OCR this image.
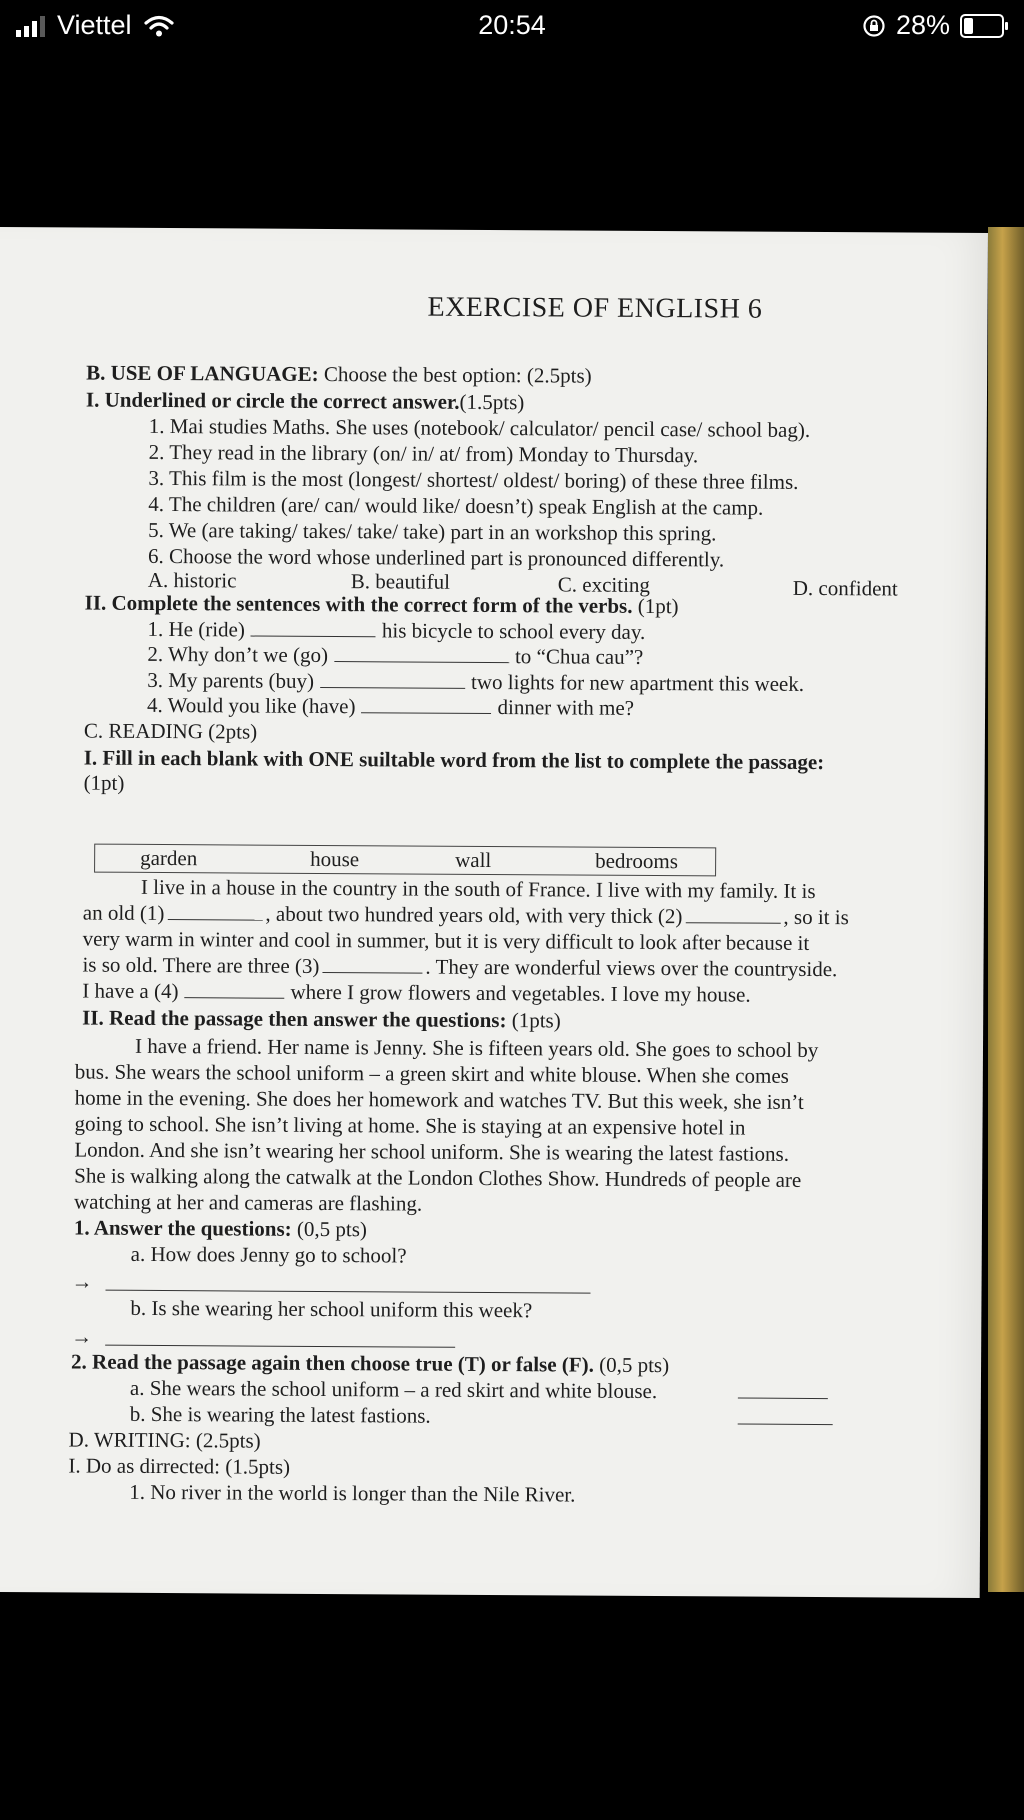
Viettel	20:54	28%
EXERCISE OF ENGLISH 6
B. USE OF LANGUAGE: Choose the best option: (2.5pts)
I. Underlined or circle the correct answer.(1.5pts)
1. Mai studies Maths. She uses (notebook/ calculator/ pencil case/ school bag).
2. They read in the library (on/ in/ at/ from) Monday to Thursday.
3. This film is the most (longest/ shortest/ oldest/ boring) of these three films.
4. The children (are/ can/ would like/ doesn’t) speak English at the camp.
5. We (are taking/ takes/ take/ take) part in an workshop this spring.
6. Choose the word whose underlined part is pronounced differently.
A. historic	B. beautiful	C. exciting	D. confident
II. Complete the sentences with the correct form of the verbs. (1pt)
1. He (ride)	his bicycle to school every day.
2. Why don’t we (go)	to “Chua cau”?
3. My parents (buy)	two lights for new apartment this week.
4. Would you like (have)	dinner with me?
C. READING (2pts)
I. Fill in each blank with ONE suiltable word from the list to complete the passage:
(1pt)
garden	house	wall	bedrooms
I live in a house in the country in the south of France. I live with my family. It is
an old (1)	, about two hundred years old, with very thick (2)	, so it is
very warm in winter and cool in summer, but it is very difficult to look after because it
is so old. There are three (3)	. They are wonderful views over the countryside.
I have a (4)	where I grow flowers and vegetables. I love my house.
II. Read the passage then answer the questions: (1pts)
I have a friend. Her name is Jenny. She is fifteen years old. She goes to school by
bus. She wears the school uniform – a green skirt and white blouse. When she comes
home in the evening. She does her homework and watches TV. But this week, she isn’t
going to school. She isn’t living at home. She is staying at an expensive hotel in
London. And she isn’t wearing her school uniform. She is wearing the latest fastions.
She is walking along the catwalk at the London Clothes Show. Hundreds of people are
watching at her and cameras are flashing.
1. Answer the questions: (0,5 pts)
a. How does Jenny go to school?
→
b. Is she wearing her school uniform this week?
→
2. Read the passage again then choose true (T) or false (F). (0,5 pts)
a. She wears the school uniform – a red skirt and white blouse.
b. She is wearing the latest fastions.
D. WRITING: (2.5pts)
I. Do as dirrected: (1.5pts)
1. No river in the world is longer than the Nile River.
